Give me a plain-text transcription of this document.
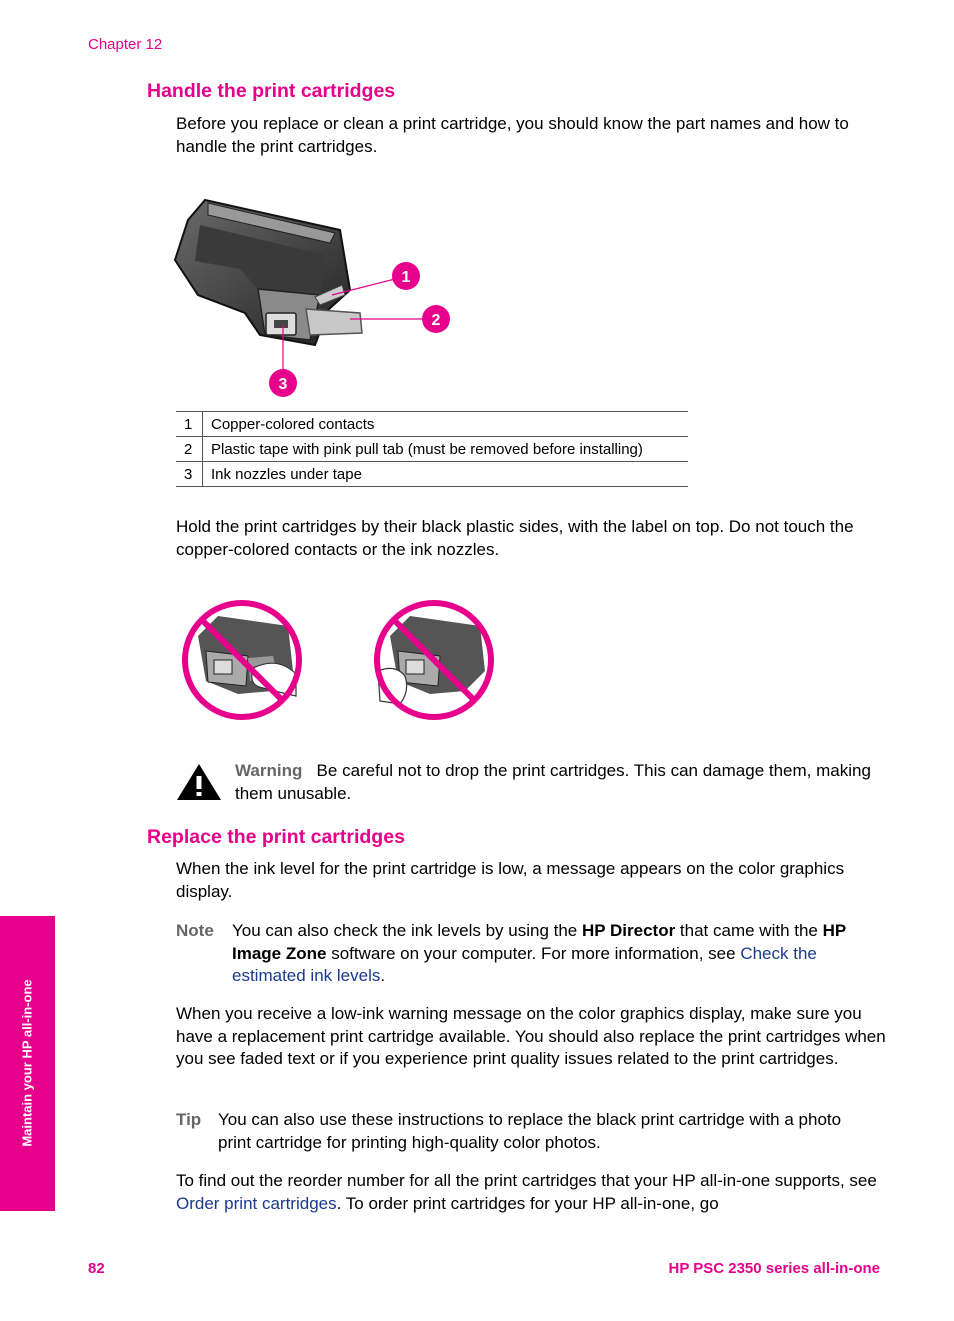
Chapter 12
Handle the print cartridges
Before you replace or clean a print cartridge, you should know the part names and how to handle the print cartridges.
1
2
3
1	Copper-colored contacts
2	Plastic tape with pink pull tab (must be removed before installing)
3	Ink nozzles under tape
Hold the print cartridges by their black plastic sides, with the label on top. Do not touch the copper-colored contacts or the ink nozzles.
Warning Be careful not to drop the print cartridges. This can damage them, making them unusable.
Replace the print cartridges
When the ink level for the print cartridge is low, a message appears on the color graphics display.
Note You can also check the ink levels by using the HP Director that came with the HP Image Zone software on your computer. For more information, see Check the estimated ink levels.
When you receive a low-ink warning message on the color graphics display, make sure you have a replacement print cartridge available. You should also replace the print cartridges when you see faded text or if you experience print quality issues related to the print cartridges.
Tip You can also use these instructions to replace the black print cartridge with a photo print cartridge for printing high-quality color photos.
To find out the reorder number for all the print cartridges that your HP all-in-one supports, see Order print cartridges. To order print cartridges for your HP all-in-one, go
Maintain your HP all-in-one
82	HP PSC 2350 series all-in-one
